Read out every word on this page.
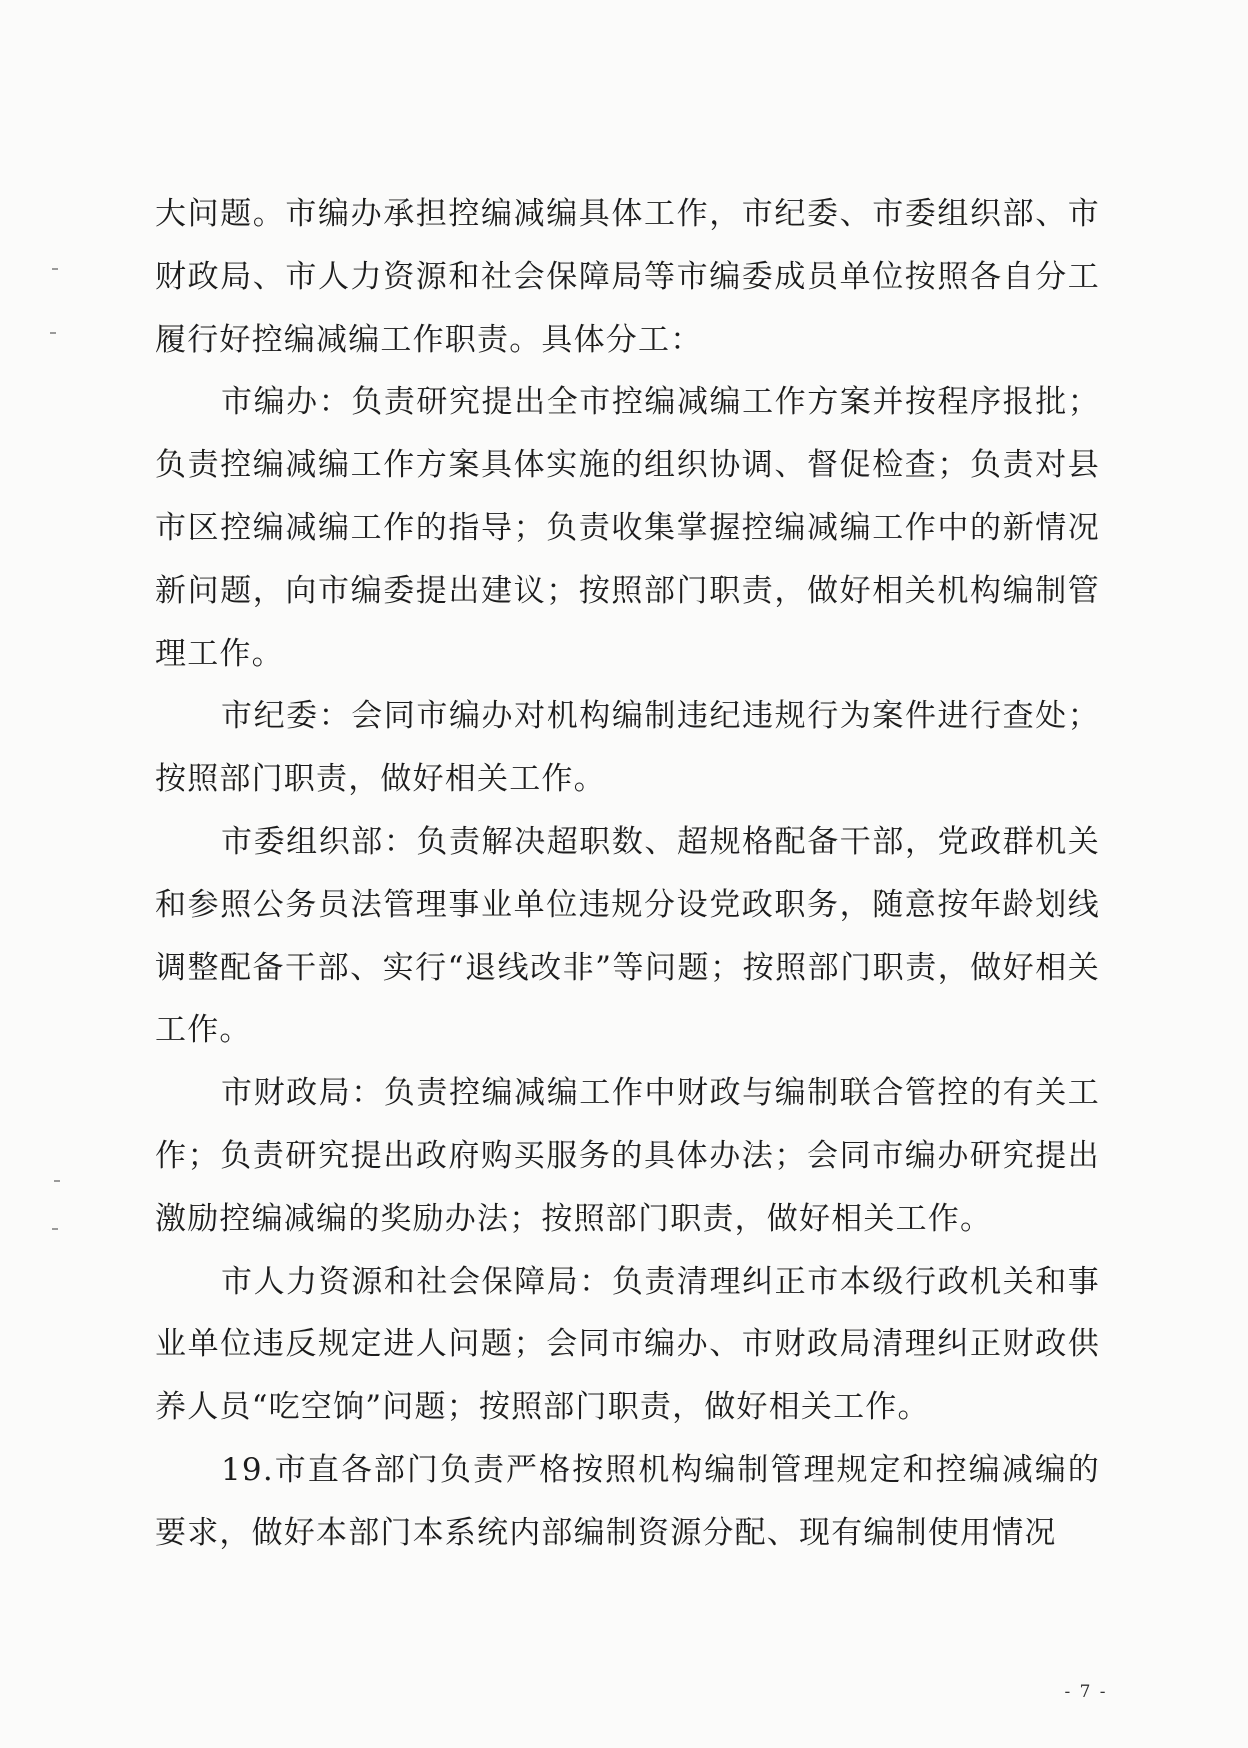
大问题。市编办承担控编减编具体工作，市纪委、市委组织部、市财政局、市人力资源和社会保障局等市编委成员单位按照各自分工履行好控编减编工作职责。具体分工：

市编办：负责研究提出全市控编减编工作方案并按程序报批；负责控编减编工作方案具体实施的组织协调、督促检查；负责对县市区控编减编工作的指导；负责收集掌握控编减编工作中的新情况新问题，向市编委提出建议；按照部门职责，做好相关机构编制管理工作。

市纪委：会同市编办对机构编制违纪违规行为案件进行查处；按照部门职责，做好相关工作。

市委组织部：负责解决超职数、超规格配备干部，党政群机关和参照公务员法管理事业单位违规分设党政职务，随意按年龄划线调整配备干部、实行“退线改非”等问题；按照部门职责，做好相关工作。

市财政局：负责控编减编工作中财政与编制联合管控的有关工作；负责研究提出政府购买服务的具体办法；会同市编办研究提出激励控编减编的奖励办法；按照部门职责，做好相关工作。

市人力资源和社会保障局：负责清理纠正市本级行政机关和事业单位违反规定进人问题；会同市编办、市财政局清理纠正财政供养人员“吃空饷”问题；按照部门职责，做好相关工作。

19.市直各部门负责严格按照机构编制管理规定和控编减编的要求，做好本部门本系统内部编制资源分配、现有编制使用情况

- 7 -
